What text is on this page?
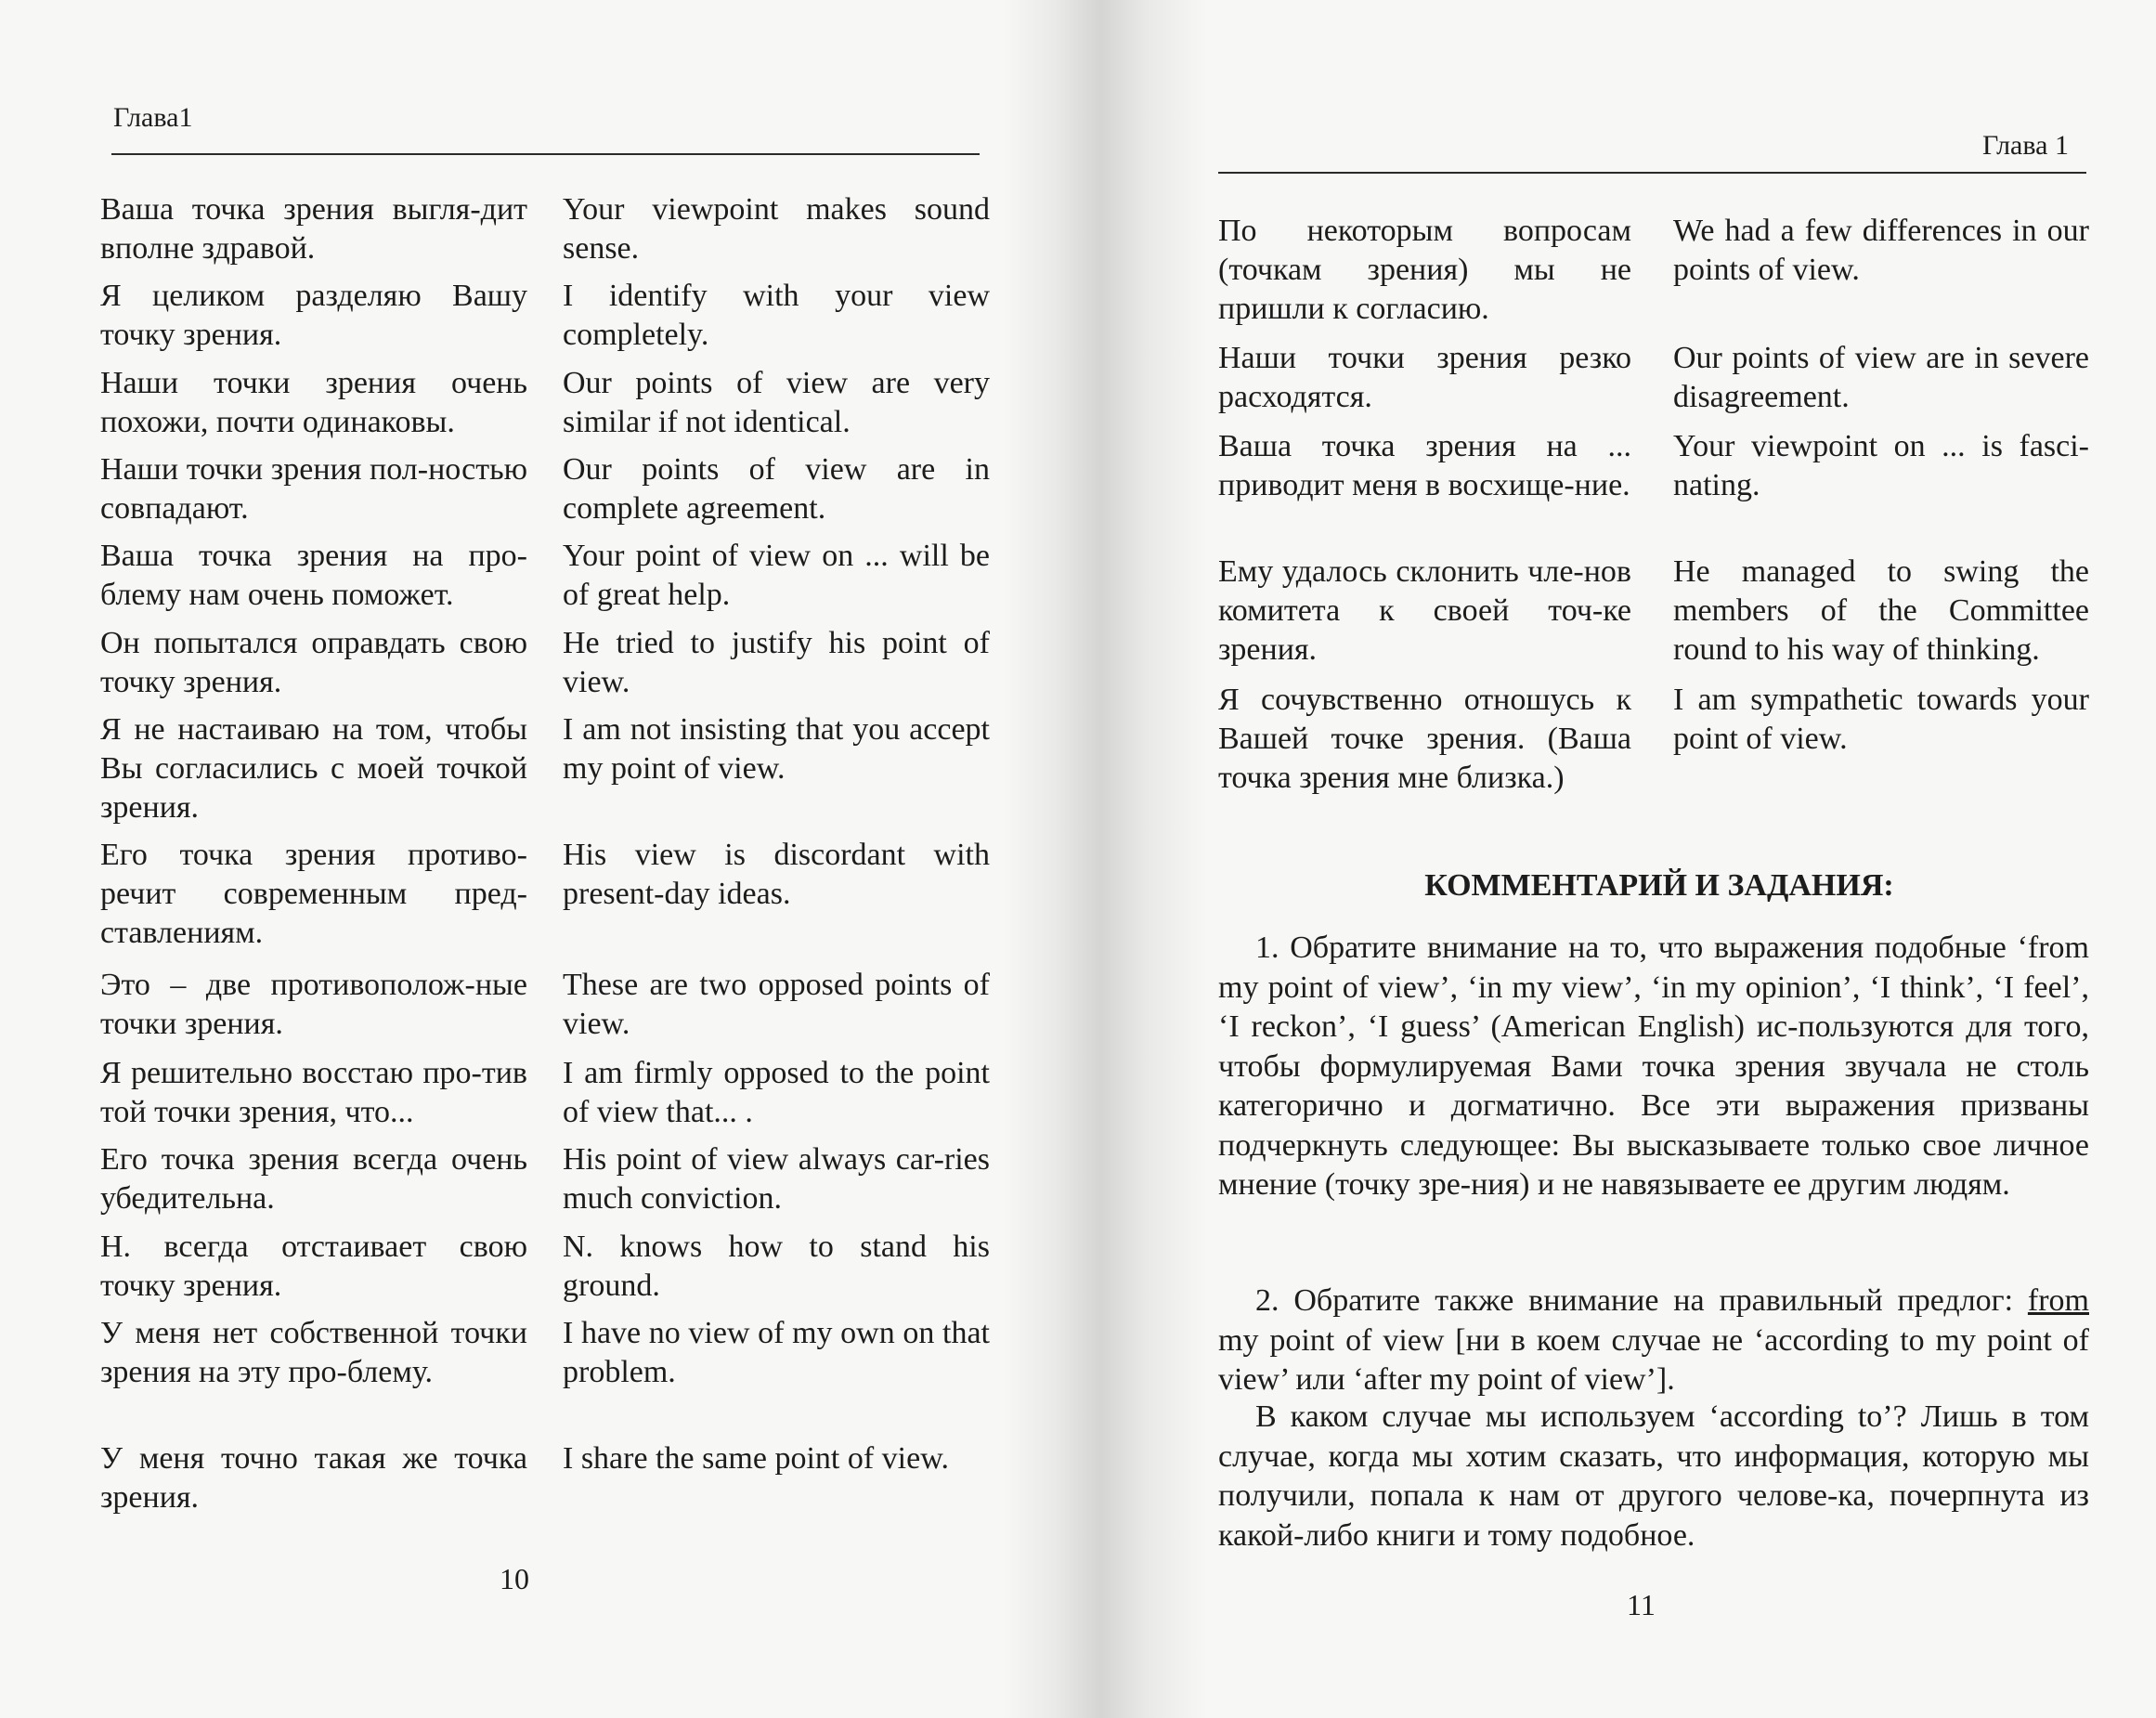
Глава1
Ваша точка зрения выгля-дит вполне здравой.
Your viewpoint makes sound sense.
Я целиком разделяю Вашу точку зрения.
I identify with your view completely.
Наши точки зрения очень похожи, почти одинаковы.
Our points of view are very similar if not identical.
Наши точки зрения пол-ностью совпадают.
Our points of view are in complete agreement.
Ваша точка зрения на про-блему нам очень поможет.
Your point of view on ... will be of great help.
Он попытался оправдать свою точку зрения.
He tried to justify his point of view.
Я не настаиваю на том, чтобы Вы согласились с моей точкой зрения.
I am not insisting that you accept my point of view.
Его точка зрения противо-речит современным пред-ставлениям.
His view is discordant with present-day ideas.
Это – две противополож-ные точки зрения.
These are two opposed points of view.
Я решительно восстаю про-тив той точки зрения, что...
I am firmly opposed to the point of view that... .
Его точка зрения всегда очень убедительна.
His point of view always car-ries much conviction.
Н. всегда отстаивает свою точку зрения.
N. knows how to stand his ground.
У меня нет собственной точки зрения на эту про-блему.
I have no view of my own on that problem.
У меня точно такая же точка зрения.
I share the same point of view.
10
Глава 1
По некоторым вопросам (точкам зрения) мы не пришли к согласию.
We had a few differences in our points of view.
Наши точки зрения резко расходятся.
Our points of view are in severe disagreement.
Ваша точка зрения на ... приводит меня в восхище-ние.
Your viewpoint on ... is fasci-nating.
Ему удалось склонить чле-нов комитета к своей точ-ке зрения.
He managed to swing the members of the Committee round to his way of thinking.
Я сочувственно отношусь к Вашей точке зрения. (Ваша точка зрения мне близка.)
I am sympathetic towards your point of view.
КОММЕНТАРИЙ И ЗАДАНИЯ:
1. Обратите внимание на то, что выражения подобные ‘from my point of view’, ‘in my view’, ‘in my opinion’, ‘I think’, ‘I feel’, ‘I reckon’, ‘I guess’ (American English) ис-пользуются для того, чтобы формулируемая Вами точка зрения звучала не столь категорично и догматично. Все эти выражения призваны подчеркнуть следующее: Вы высказываете только свое личное мнение (точку зре-ния) и не навязываете ее другим людям.
2. Обратите также внимание на правильный предлог: from my point of view [ни в коем случае не ‘according to my point of view’ или ‘after my point of view’].
В каком случае мы используем ‘according to’? Лишь в том случае, когда мы хотим сказать, что информация, которую мы получили, попала к нам от другого челове-ка, почерпнута из какой-либо книги и тому подобное.
11
